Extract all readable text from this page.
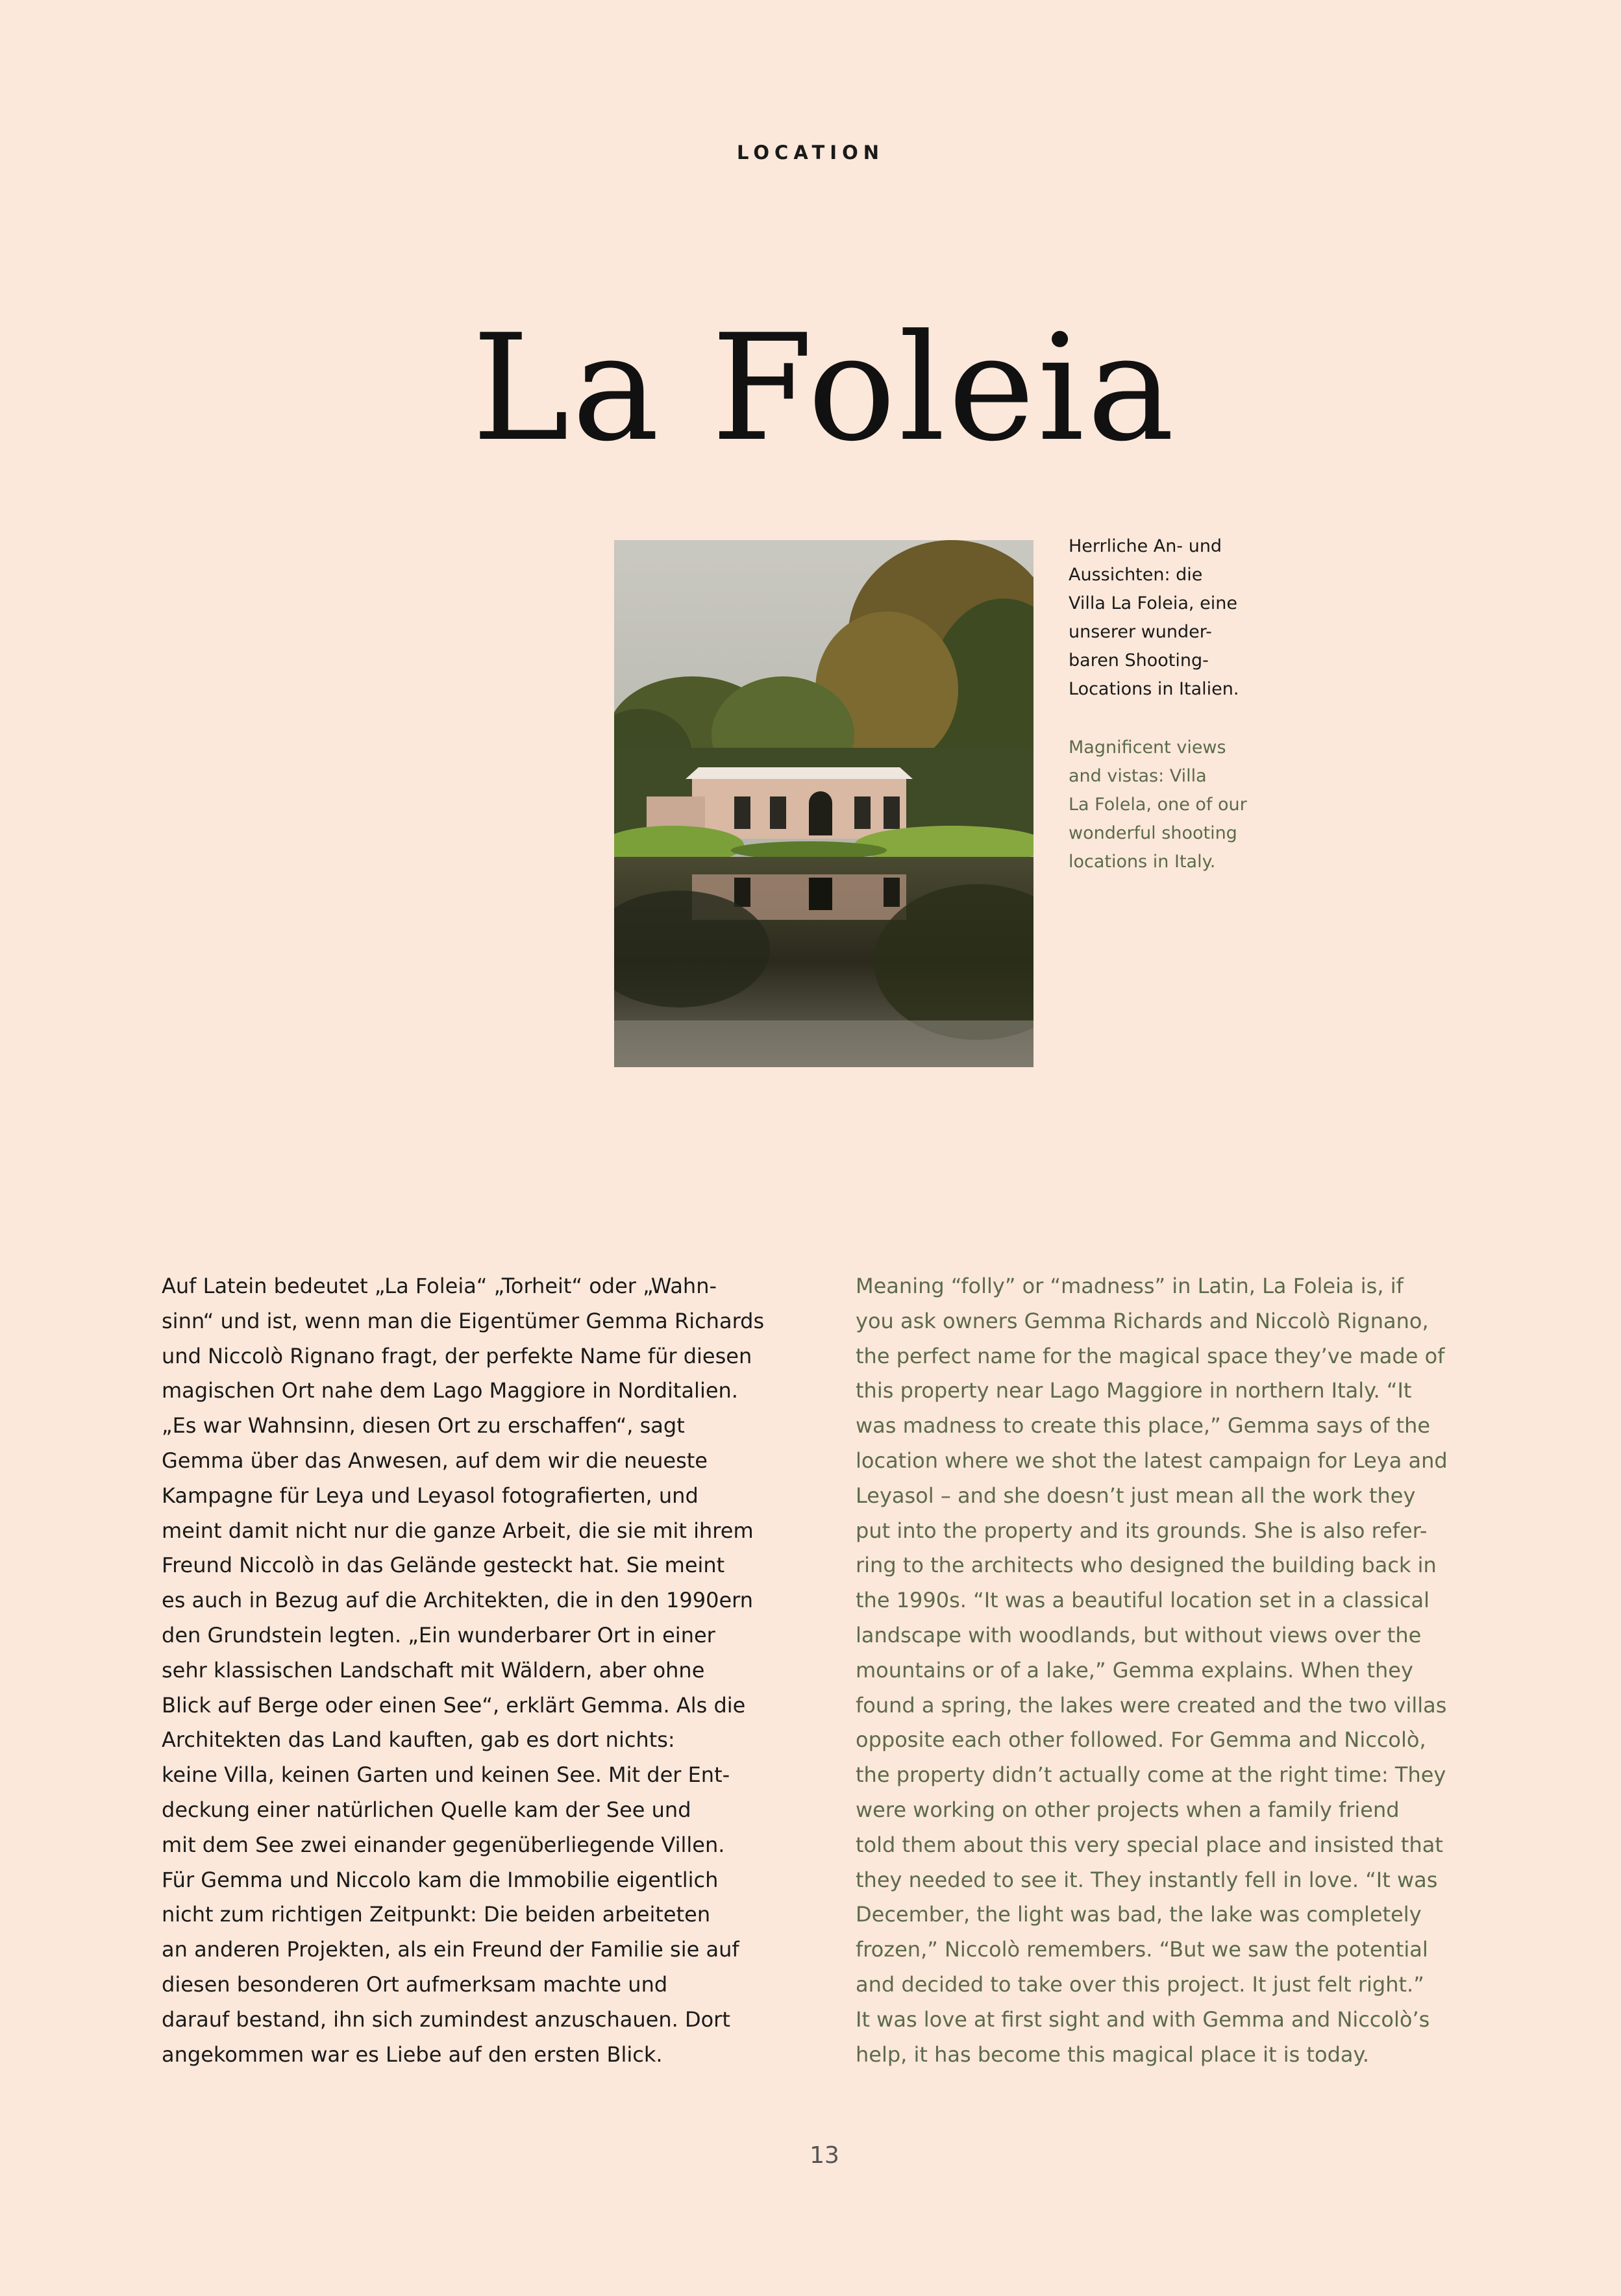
LOCATION
La Foleia
Herrliche An- und
Aussichten: die
Villa La Foleia, eine
unserer wunder-
baren Shooting-
Locations in Italien.
Magnificent views
and vistas: Villa
La Folela, one of our
wonderful shooting
locations in Italy.
Auf Latein bedeutet „La Foleia“ „Torheit“ oder „Wahn-
sinn“ und ist, wenn man die Eigentümer Gemma Richards
und Niccolò Rignano fragt, der perfekte Name für diesen
magischen Ort nahe dem Lago Maggiore in Norditalien.
„Es war Wahnsinn, diesen Ort zu erschaffen“, sagt
Gemma über das Anwesen, auf dem wir die neueste
Kampagne für Leya und Leyasol fotografierten, und
meint damit nicht nur die ganze Arbeit, die sie mit ihrem
Freund Niccolò in das Gelände gesteckt hat. Sie meint
es auch in Bezug auf die Architekten, die in den 1990ern
den Grundstein legten. „Ein wunderbarer Ort in einer
sehr klassischen Landschaft mit Wäldern, aber ohne
Blick auf Berge oder einen See“, erklärt Gemma. Als die
Architekten das Land kauften, gab es dort nichts:
keine Villa, keinen Garten und keinen See. Mit der Ent-
deckung einer natürlichen Quelle kam der See und
mit dem See zwei einander gegenüberliegende Villen.
Für Gemma und Niccolo kam die Immobilie eigentlich
nicht zum richtigen Zeitpunkt: Die beiden arbeiteten
an anderen Projekten, als ein Freund der Familie sie auf
diesen besonderen Ort aufmerksam machte und
darauf bestand, ihn sich zumindest anzuschauen. Dort
angekommen war es Liebe auf den ersten Blick.
Meaning “folly” or “madness” in Latin, La Foleia is, if
you ask owners Gemma Richards and Niccolò Rignano,
the perfect name for the magical space they’ve made of
this property near Lago Maggiore in northern Italy. “It
was madness to create this place,” Gemma says of the
location where we shot the latest campaign for Leya and
Leyasol – and she doesn’t just mean all the work they
put into the property and its grounds. She is also refer-
ring to the architects who designed the building back in
the 1990s. “It was a beautiful location set in a classical
landscape with woodlands, but without views over the
mountains or of a lake,” Gemma explains. When they
found a spring, the lakes were created and the two villas
opposite each other followed. For Gemma and Niccolò,
the property didn’t actually come at the right time: They
were working on other projects when a family friend
told them about this very special place and insisted that
they needed to see it. They instantly fell in love. “It was
December, the light was bad, the lake was completely
frozen,” Niccolò remembers. “But we saw the potential
and decided to take over this project. It just felt right.”
It was love at first sight and with Gemma and Niccolò’s
help, it has become this magical place it is today.
13
